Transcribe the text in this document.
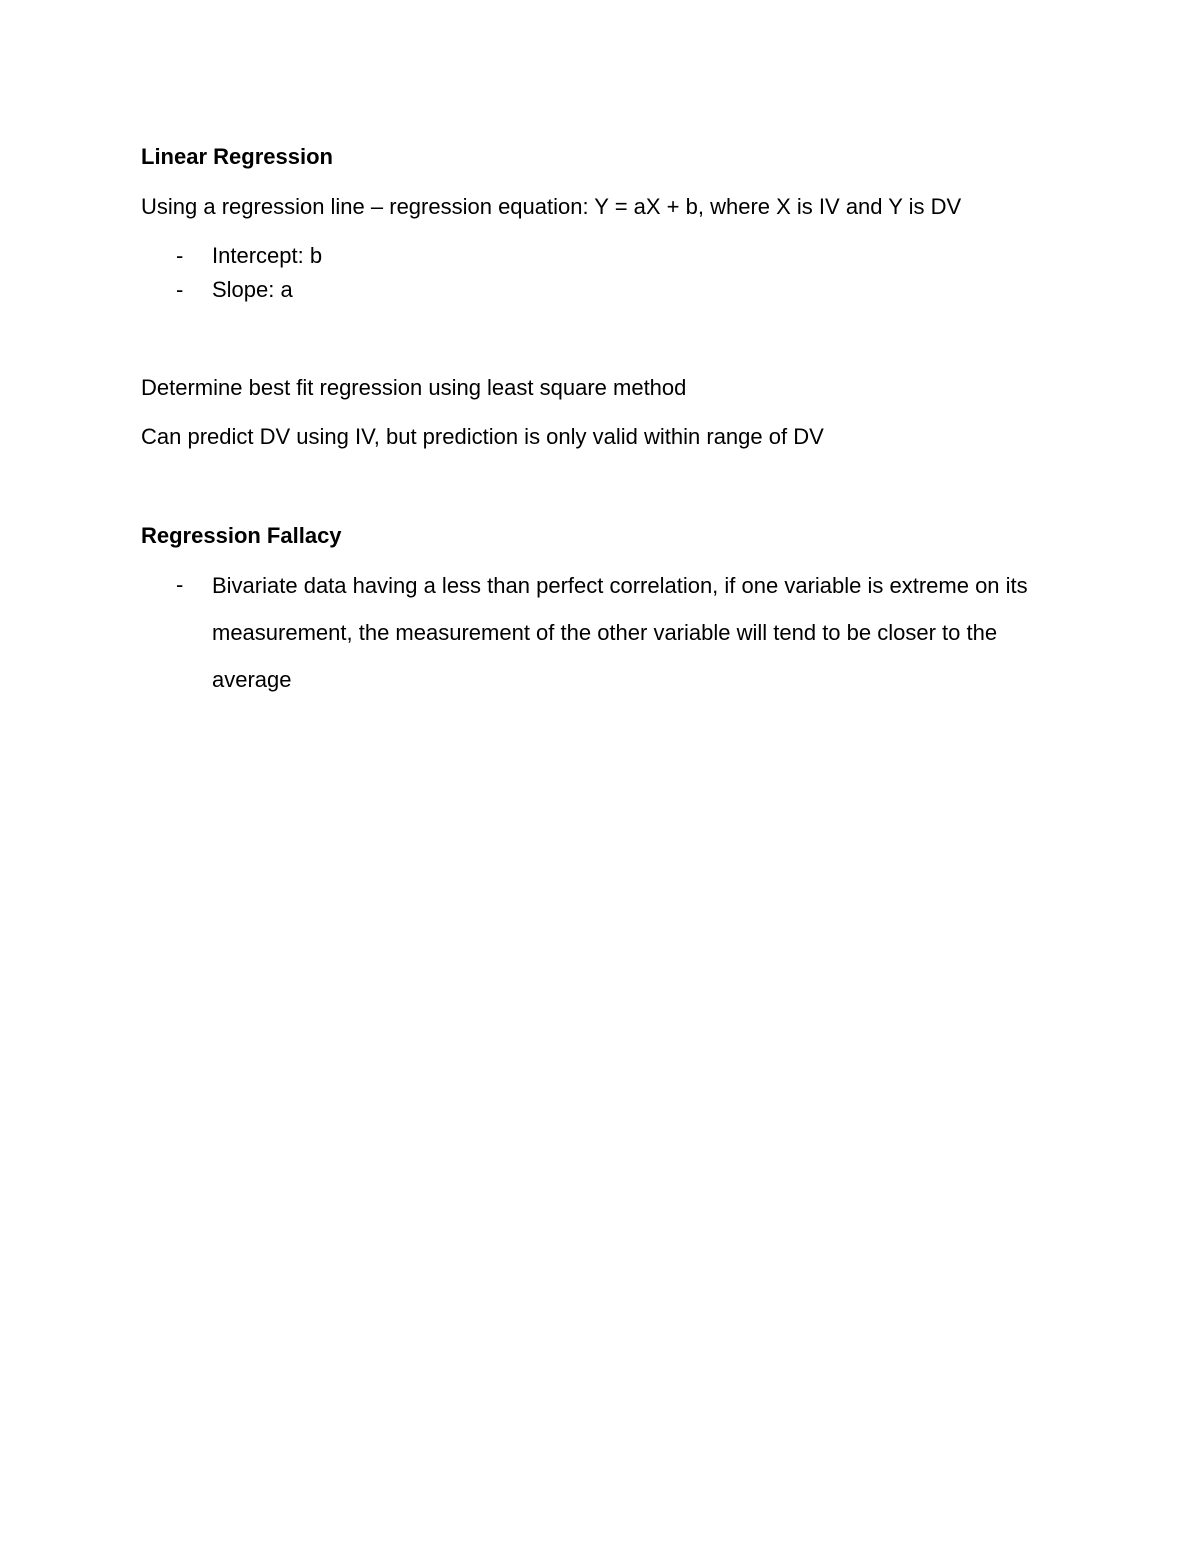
Linear Regression
Using a regression line – regression equation: Y = aX + b, where X is IV and Y is DV
- Intercept: b
- Slope: a
Determine best fit regression using least square method
Can predict DV using IV, but prediction is only valid within range of DV
Regression Fallacy
- Bivariate data having a less than perfect correlation, if one variable is extreme on its measurement, the measurement of the other variable will tend to be closer to the average
